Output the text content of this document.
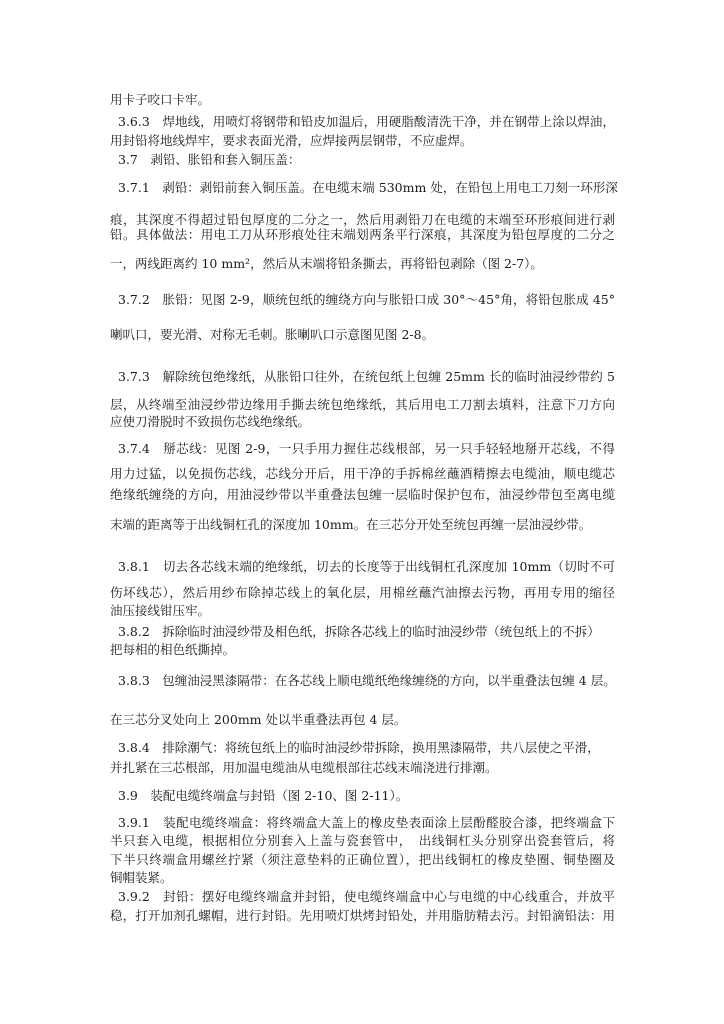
用卡子咬口卡牢。
3.6.3　焊地线，用喷灯将钢带和铅皮加温后，用硬脂酸清洗干净，并在钢带上涂以焊油，
用封铅将地线焊牢，要求表面光滑，应焊接两层钢带，不应虚焊。
3.7　剥铅、胀铅和套入铜压盖：
3.7.1　剥铅：剥铅前套入铜压盖。在电缆末端 530mm 处，在铅包上用电工刀刻一环形深
痕，其深度不得超过铅包厚度的二分之一，然后用剥铅刀在电缆的末端至环形痕间进行剥
铅。具体做法：用电工刀从环形痕处往末端划两条平行深痕，其深度为铅包厚度的二分之
一，两线距离约 10 mm²，然后从末端将铅条撕去，再将铅包剥除（图 2-7）。
3.7.2　胀铅：见图 2-9，顺统包纸的缠绕方向与胀铅口成 30°～45°角，将铅包胀成 45°
喇叭口，要光滑、对称无毛刺。胀喇叭口示意图见图 2-8。
3.7.3　解除统包绝缘纸，从胀铅口往外，在统包纸上包缠 25mm 长的临时油浸纱带约 5
层，从终端至油浸纱带边缘用手撕去统包绝缘纸，其后用电工刀割去填料，注意下刀方向
应使刀滑脱时不致损伤芯线绝缘纸。
3.7.4　掰芯线：见图 2-9，一只手用力握住芯线根部，另一只手轻轻地掰开芯线，不得
用力过猛，以免损伤芯线，芯线分开后，用干净的手拆棉丝蘸酒精擦去电缆油，顺电缆芯
绝缘纸缠绕的方向，用油浸纱带以半重叠法包缠一层临时保护包布，油浸纱带包至离电缆
末端的距离等于出线铜杠孔的深度加 10mm。在三芯分开处至统包再缠一层油浸纱带。
3.8.1　切去各芯线末端的绝缘纸，切去的长度等于出线铜杠孔深度加 10mm（切时不可
伤坏线芯），然后用纱布除掉芯线上的氧化层，用棉丝蘸汽油擦去污物，再用专用的缩径
油压接线钳压牢。
3.8.2　拆除临时油浸纱带及相色纸，拆除各芯线上的临时油浸纱带（统包纸上的不拆）
把每相的相色纸撕掉。
3.8.3　包缠油浸黑漆隔带：在各芯线上顺电缆纸绝缘缠绕的方向，以半重叠法包缠 4 层。
在三芯分叉处向上 200mm 处以半重叠法再包 4 层。
3.8.4　排除潮气：将统包纸上的临时油浸纱带拆除，换用黑漆隔带，共八层使之平滑，
并扎紧在三芯根部，用加温电缆油从电缆根部往芯线末端浇进行排潮。
3.9　装配电缆终端盒与封铅（图 2-10、图 2-11）。
3.9.1　装配电缆终端盒：将终端盒大盖上的橡皮垫表面涂上层酚醛胶合漆，把终端盒下
半只套入电缆，根据相位分别套入上盖与瓷套管中，　出线铜杠头分别穿出瓷套管后，将
下半只终端盒用螺丝拧紧（须注意垫料的正确位置），把出线铜杠的橡皮垫圈、铜垫圈及
铜帽装紧。
3.9.2　封铅：摆好电缆终端盒并封铅，使电缆终端盒中心与电缆的中心线重合，并放平
稳，打开加剂孔螺帽，进行封铅。先用喷灯烘烤封铅处，并用脂肪精去污。封铅滴铅法：用
